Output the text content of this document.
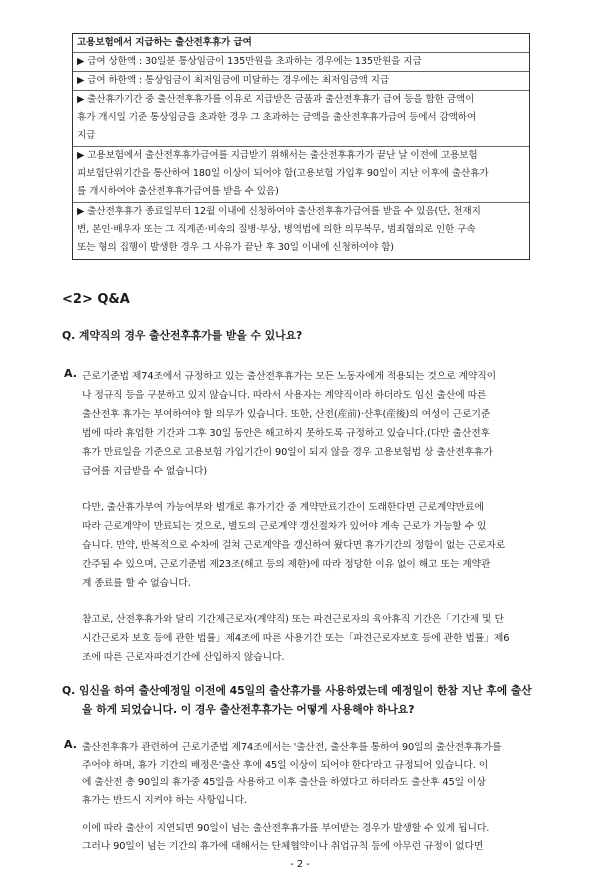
고용보험에서 지급하는 출산전후휴가 급여
▶ 급여 상한액 : 30일분 통상임금이 135만원을 초과하는 경우에는 135만원을 지급
▶ 급여 하한액 : 통상임금이 최저임금에 미달하는 경우에는 최저임금액 지급
▶ 출산휴가기간 중 출산전후휴가를 이유로 지급받은 금품과 출산전후휴가 급여 등을 합한 금액이
휴가 개시일 기준 통상임금을 초과한 경우 그 초과하는 금액을 출산전후휴가급여 등에서 감액하여
지급
▶ 고용보험에서 출산전후휴가급여를 지급받기 위해서는 출산전후휴가가 끝난 날 이전에 고용보험
피보험단위기간을 통산하여 180일 이상이 되어야 함(고용보험 가입후 90일이 지난 이후에 출산휴가
를 개시하여야 출산전후휴가급여를 받을 수 있음)
▶ 출산전후휴가 종료일부터 12월 이내에 신청하여야 출산전후휴가급여를 받을 수 있음(단, 천재지
변, 본인·배우자 또는 그 직계존·비속의 질병·부상, 병역법에 의한 의무복무, 범죄혐의로 인한 구속
또는 형의 집행이 발생한 경우 그 사유가 끝난 후 30일 이내에 신청하여야 함)
<2> Q&A
Q. 계약직의 경우 출산전후휴가를 받을 수 있나요?
A. 근로기준법 제74조에서 규정하고 있는 출산전후휴가는 모든 노동자에게 적용되는 것으로 계약직이
나 정규직 등을 구분하고 있지 않습니다. 따라서 사용자는 계약직이라 하더라도 임신 출산에 따른
출산전후 휴가는 부여하여야 할 의무가 있습니다. 또한, 산전(産前)·산후(産後)의 여성이 근로기준
법에 따라 휴업한 기간과 그후 30일 동안은 해고하지 못하도록 규정하고 있습니다.(다만 출산전후
휴가 만료일을 기준으로 고용보험 가입기간이 90일이 되지 않을 경우 고용보험법 상 출산전후휴가
급여를 지급받을 수 없습니다)
다만, 출산휴가부여 가능여부와 별개로 휴가기간 중 계약만료기간이 도래한다면 근로계약만료에
따라 근로계약이 만료되는 것으로, 별도의 근로계약 갱신절차가 있어야 계속 근로가 가능할 수 있
습니다. 만약, 반복적으로 수차에 걸쳐 근로계약을 갱신하여 왔다면 휴가기간의 정함이 없는 근로자로
간주될 수 있으며, 근로기준법 제23조(해고 등의 제한)에 따라 정당한 이유 없이 해고 또는 계약관
계 종료를 할 수 없습니다.
참고로, 산전후휴가와 달리 기간제근로자(계약직) 또는 파견근로자의 육아휴직 기간은「기간제 및 단
시간근로자 보호 등에 관한 법률」제4조에 따른 사용기간 또는「파견근로자보호 등에 관한 법률」제6
조에 따른 근로자파견기간에 산입하지 않습니다.
Q. 임신을 하여 출산예정일 이전에 45일의 출산휴가를 사용하였는데 예정일이 한참 지난 후에 출산
을 하게 되었습니다. 이 경우 출산전후휴가는 어떻게 사용해야 하나요?
A. 출산전후휴가 관련하여 근로기준법 제74조에서는 '출산전, 출산후를 통하여 90일의 출산전후휴가를
주어야 하며, 휴가 기간의 배정은'출산 후에 45일 이상이 되어야 한다'라고 규정되어 있습니다. 이
에 출산전 총 90일의 휴가중 45일을 사용하고 이후 출산을 하였다고 하더라도 출산후 45일 이상
휴가는 반드시 지켜야 하는 사항입니다.
- 2 -
이에 따라 출산이 지연되면 90일이 넘는 출산전후휴가를 부여받는 경우가 발생할 수 있게 됩니다.
그러나 90일이 넘는 기간의 휴가에 대해서는 단체협약이나 취업규칙 등에 아무런 규정이 없다면
